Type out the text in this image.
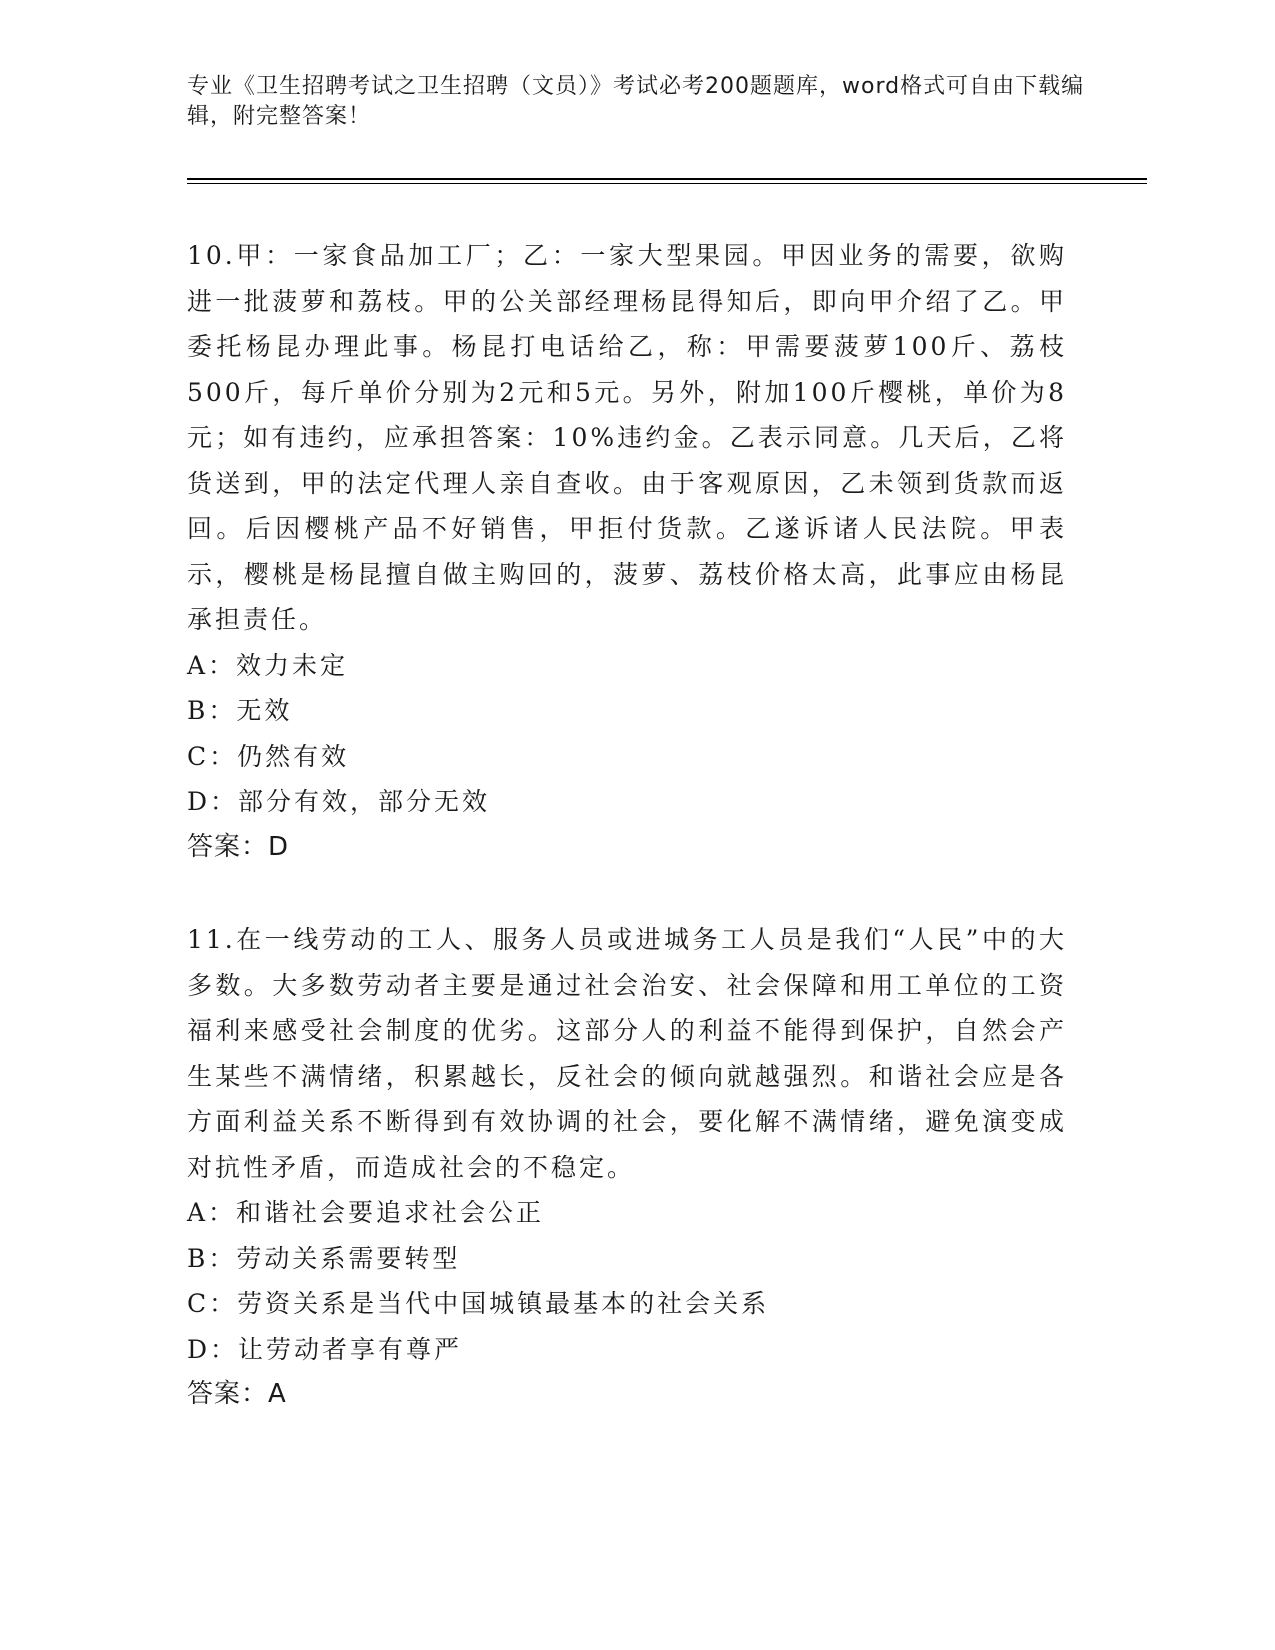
专业《卫生招聘考试之卫生招聘（文员）》考试必考200题题库，word格式可自由下载编辑，附完整答案！
10.甲：一家食品加工厂；乙：一家大型果园。甲因业务的需要，欲购进一批菠萝和荔枝。甲的公关部经理杨昆得知后，即向甲介绍了乙。甲委托杨昆办理此事。杨昆打电话给乙，称：甲需要菠萝100斤、荔枝500斤，每斤单价分别为2元和5元。另外，附加100斤樱桃，单价为8元；如有违约，应承担答案：10%违约金。乙表示同意。几天后，乙将货送到，甲的法定代理人亲自查收。由于客观原因，乙未领到货款而返回。后因樱桃产品不好销售，甲拒付货款。乙遂诉诸人民法院。甲表示，樱桃是杨昆擅自做主购回的，菠萝、荔枝价格太高，此事应由杨昆承担责任。
A：效力未定
B：无效
C：仍然有效
D：部分有效，部分无效
答案：D
11.在一线劳动的工人、服务人员或进城务工人员是我们“人民”中的大多数。大多数劳动者主要是通过社会治安、社会保障和用工单位的工资福利来感受社会制度的优劣。这部分人的利益不能得到保护，自然会产生某些不满情绪，积累越长，反社会的倾向就越强烈。和谐社会应是各方面利益关系不断得到有效协调的社会，要化解不满情绪，避免演变成对抗性矛盾，而造成社会的不稳定。
A：和谐社会要追求社会公正
B：劳动关系需要转型
C：劳资关系是当代中国城镇最基本的社会关系
D：让劳动者享有尊严
答案：A
